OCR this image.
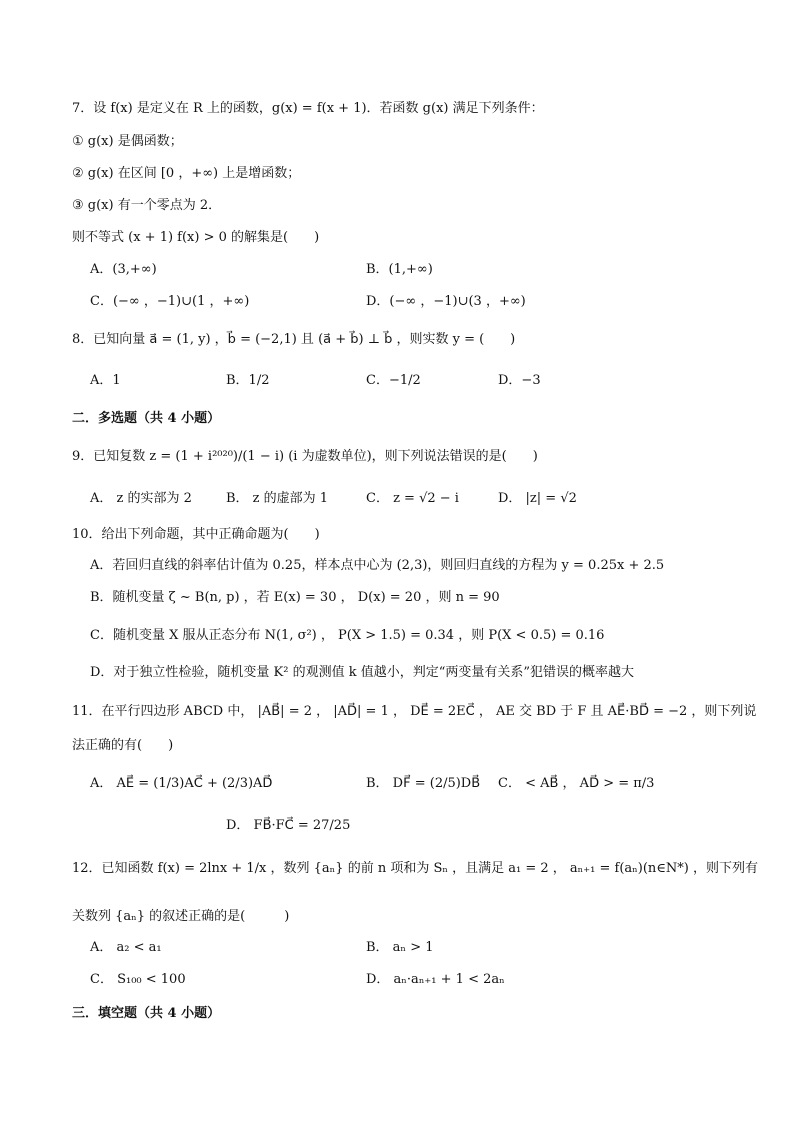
7．设 f(x) 是定义在 R 上的函数，g(x) = f(x + 1)．若函数 g(x) 满足下列条件：
① g(x) 是偶函数；
② g(x) 在区间 [0 ，+∞) 上是增函数；
③ g(x) 有一个零点为 2．
则不等式 (x + 1) f(x) > 0 的解集是(　　)
A．(3,+∞)	B．(1,+∞)
C．(−∞ ，−1)∪(1 ，+∞)	D．(−∞ ，−1)∪(3 ，+∞)
8．已知向量 a⃗ = (1, y) ，b⃗ = (−2,1) 且 (a⃗ + b⃗) ⊥ b⃗ ，则实数 y = (　　)
A．1	B．1/2	C．−1/2	D．−3
二．多选题（共 4 小题）
9．已知复数 z = (1 + i²⁰²⁰)/(1 − i) (i 为虚数单位)，则下列说法错误的是(　　)
A． z 的实部为 2	B． z 的虚部为 1	C． z = √2 − i	D． |z| = √2
10．给出下列命题，其中正确命题为(　　)
A．若回归直线的斜率估计值为 0.25，样本点中心为 (2,3)，则回归直线的方程为 y = 0.25x + 2.5
B．随机变量 ζ ~ B(n, p) ，若 E(x) = 30 ， D(x) = 20 ，则 n = 90
C．随机变量 X 服从正态分布 N(1, σ²) ， P(X > 1.5) = 0.34 ，则 P(X < 0.5) = 0.16
D．对于独立性检验，随机变量 K² 的观测值 k 值越小，判定“两变量有关系”犯错误的概率越大
11．在平行四边形 ABCD 中， |AB⃗| = 2 ， |AD⃗| = 1 ， DE⃗ = 2EC⃗ ， AE 交 BD 于 F 且 AE⃗·BD⃗ = −2 ，则下列说
法正确的有(　　)
A． AE⃗ = (1/3)AC⃗ + (2/3)AD⃗	B． DF⃗ = (2/5)DB⃗ C． < AB⃗ ， AD⃗ > = π/3
D． FB⃗·FC⃗ = 27/25
12．已知函数 f(x) = 2lnx + 1/x ，数列 {aₙ} 的前 n 项和为 Sₙ ，且满足 a₁ = 2 ， aₙ₊₁ = f(aₙ)(n∈N*) ，则下列有
关数列 {aₙ} 的叙述正确的是(　　　)
A． a₂ < a₁	B． aₙ > 1
C． S₁₀₀ < 100	D． aₙ·aₙ₊₁ + 1 < 2aₙ
三．填空题（共 4 小题）
